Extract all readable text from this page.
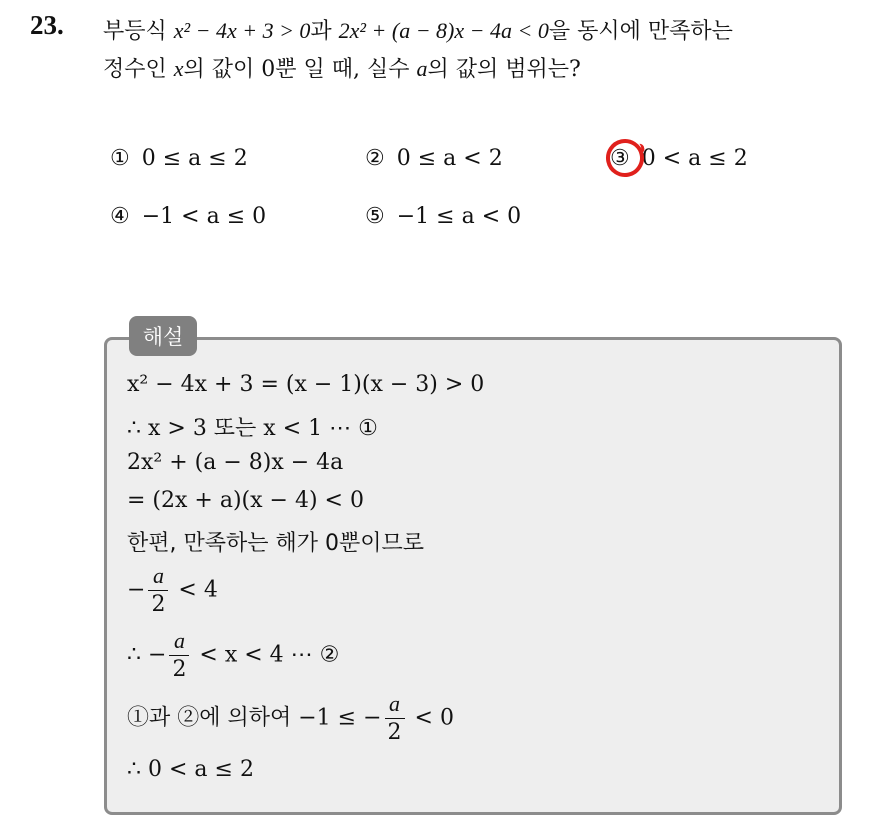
23. 부등식 x² − 4x + 3 > 0과 2x² + (a − 8)x − 4a < 0을 동시에 만족하는
정수인 x의 값이 0뿐 일 때, 실수 a의 값의 범위는?
① 0 ≤ a ≤ 2	② 0 ≤ a < 2	③ 0 < a ≤ 2
④ −1 < a ≤ 0	⑤ −1 ≤ a < 0
해설
x² − 4x + 3 = (x − 1)(x − 3) > 0
∴ x > 3 또는 x < 1 ⋯ ①
2x² + (a − 8)x − 4a
= (2x + a)(x − 4) < 0
한편, 만족하는 해가 0뿐이므로
− $\frac{a}{2} < 4$
∴ − $\frac{a}{2} < x < 4$ ⋯ ②
①과 ②에 의하여 −1 ≤ − $\frac{a}{2} < 0$
∴ 0 < a ≤ 2
